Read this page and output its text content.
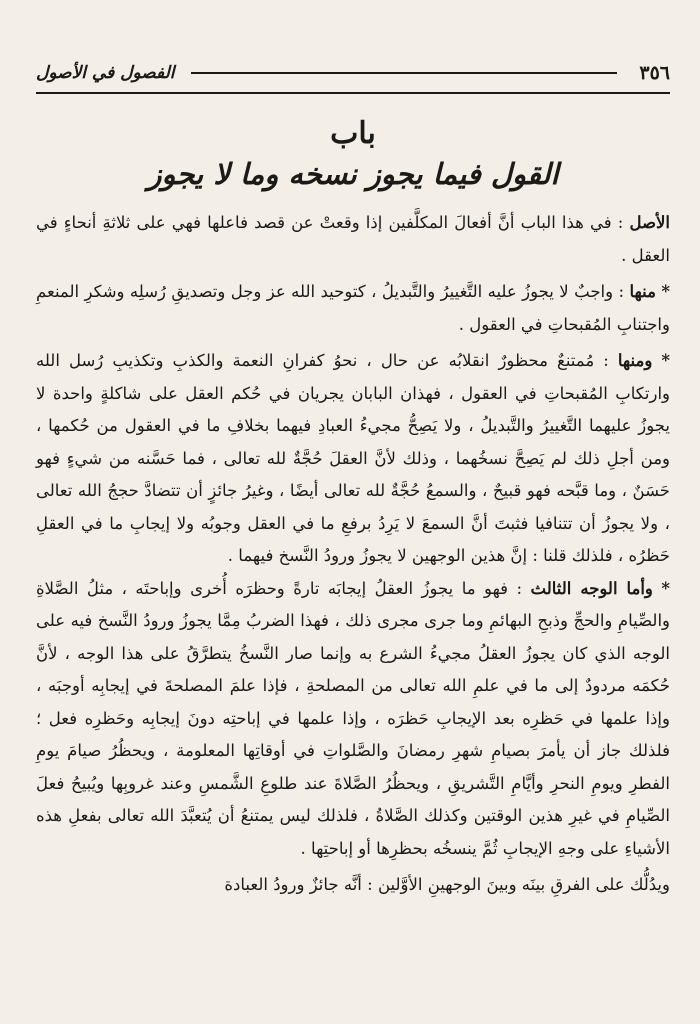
٣٥٦
الفصول في الأصول
باب
القول فيما يجوز نسخه وما لا يجوز

الأصل : في هذا الباب أنَّ أفعالَ المكلَّفين إذا وقعتْ عن قصد فاعلها فهي على ثلاثةِ أنحاءٍ في العقل .

* منها : واجبٌ لا يجوزُ عليه التَّغييرُ والتَّبديلُ ، كتوحيد الله عز وجل وتصديقِ رُسلِه وشكرِ المنعمِ واجتنابِ المُقبحاتِ في العقول .

* ومنها : مُمتنعٌ محظورٌ انقلابُه عن حال ، نحوُ كفرانِ النعمة والكذبِ وتكذيبِ رُسل الله وارتكابِ المُقبحاتِ في العقول ، فهذان البابان يجريان في حُكم العقل على شاكلةٍ واحدة لا يجوزُ عليهما التَّغييرُ والتَّبديلُ ، ولا يَصِحُّ مجيءُ العبادِ فيهما بخلافِ ما في العقول من حُكمها ، ومن أجلِ ذلك لم يَصِحَّ نسخُهما ، وذلك لأنَّ العقلَ حُجَّةٌ لله تعالى ، فما حَسَّنه من شيءٍ فهو حَسَنٌ ، وما قبَّحه فهو قبيحٌ ، والسمعُ حُجَّةٌ لله تعالى أيضًا ، وغيرُ جائزٍ أن تتضادَّ حججُ الله تعالى ، ولا يجوزُ أن تتنافيا فثبتَ أنَّ السمعَ لا يَرِدُ برفعِ ما في العقل وجوبُه ولا إيجابِ ما في العقلِ حَظرُه ، فلذلك قلنا : إنَّ هذين الوجهين لا يجوزُ ورودُ النَّسخ فيهما .

* وأما الوجه الثالث : فهو ما يجوزُ العقلُ إيجابَه تارةً وحظرَه أُخرى وإباحتَه ، مثلُ الصَّلاةِ والصِّيامِ والحجِّ وذبحِ البهائمِ وما جرى مجرى ذلك ، فهذا الضربُ مِمَّا يجوزُ ورودُ النَّسخ فيه على الوجه الذي كان يجوزُ العقلُ مجيءُ الشرع به وإنما صار النَّسخُ يتطرَّقُ على هذا الوجه ، لأنَّ حُكمَه مردودٌ إلى ما في علمِ الله تعالى من المصلحةِ ، فإذا علمَ المصلحةَ في إيجابِه أوجبَه ، وإذا علمها في حَظرِه بعد الإيجابِ حَظرَه ، وإذا علمها في إباحتِه دونَ إيجابِه وحَظرِه فعل ؛ فلذلك جاز أن يأمرَ بصيامِ شهرِ رمضانَ والصَّلواتِ في أوقاتِها المعلومة ، ويحظُرُ صيامَ يومِ الفطرِ ويومِ النحرِ وأيَّامِ التَّشريقِ ، ويحظُرُ الصَّلاةَ عند طلوعِ الشَّمسِ وعند غروبِها ويُبيحُ فعلَ الصِّيامِ في غيرِ هذين الوقتين وكذلك الصَّلاةُ ، فلذلك ليس يمتنعُ أن يُتعبَّدَ الله تعالى بفعلِ هذه الأشياءِ على وجهِ الإيجابِ ثُمَّ ينسخُه بحظرِها أو إباحتِها .

ويدُلُّك على الفرقِ بينَه وبينَ الوجهينِ الأوَّلين : أنَّه جائزٌ ورودُ العبادة
